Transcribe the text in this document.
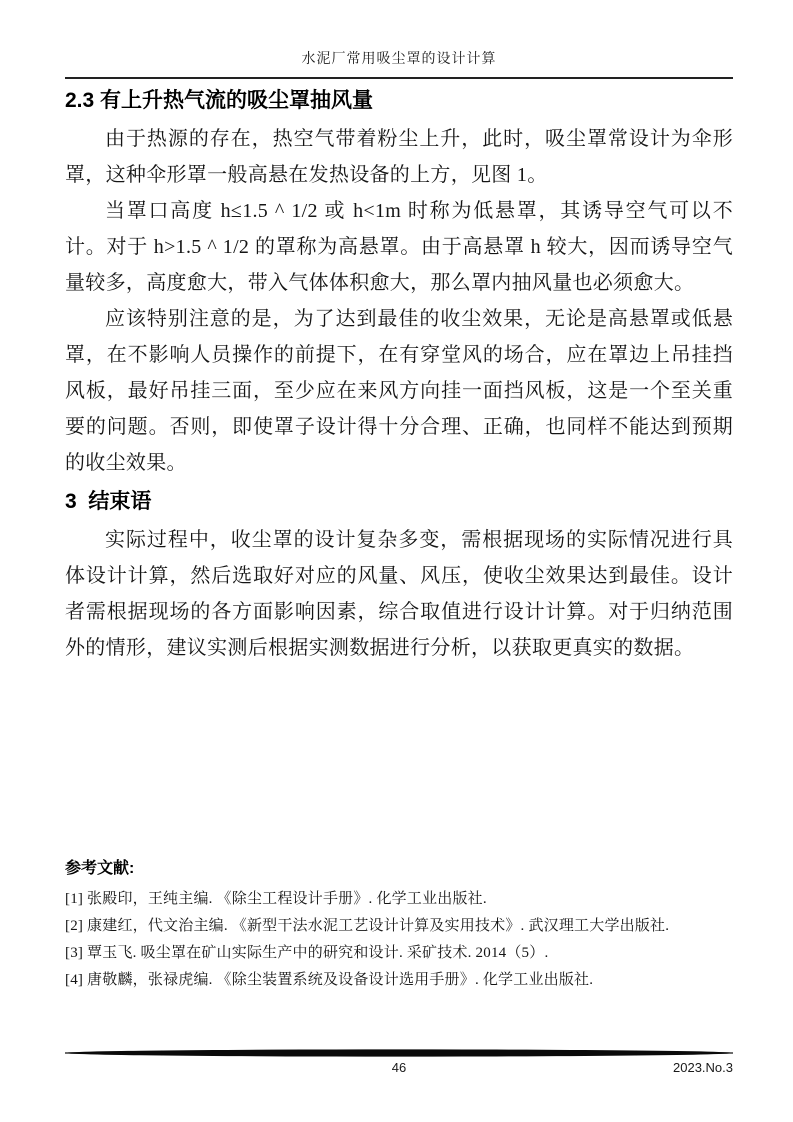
水泥厂常用吸尘罩的设计计算
2.3 有上升热气流的吸尘罩抽风量

由于热源的存在，热空气带着粉尘上升，此时，吸尘罩常设计为伞形罩，这种伞形罩一般高悬在发热设备的上方，见图 1。

当罩口高度 h≤1.5 ^ 1/2 或 h<1m 时称为低悬罩，其诱导空气可以不计。对于 h>1.5 ^ 1/2 的罩称为高悬罩。由于高悬罩 h 较大，因而诱导空气量较多，高度愈大，带入气体体积愈大，那么罩内抽风量也必须愈大。

应该特别注意的是，为了达到最佳的收尘效果，无论是高悬罩或低悬罩，在不影响人员操作的前提下，在有穿堂风的场合，应在罩边上吊挂挡风板，最好吊挂三面，至少应在来风方向挂一面挡风板，这是一个至关重要的问题。否则，即使罩子设计得十分合理、正确，也同样不能达到预期的收尘效果。

3  结束语

实际过程中，收尘罩的设计复杂多变，需根据现场的实际情况进行具体设计计算，然后选取好对应的风量、风压，使收尘效果达到最佳。设计者需根据现场的各方面影响因素，综合取值进行设计计算。对于归纳范围外的情形，建议实测后根据实测数据进行分析，以获取更真实的数据。

参考文献:

[1] 张殿印，王纯主编. 《除尘工程设计手册》. 化学工业出版社.

[2] 康建红，代文治主编. 《新型干法水泥工艺设计计算及实用技术》. 武汉理工大学出版社.

[3] 覃玉飞. 吸尘罩在矿山实际生产中的研究和设计. 采矿技术. 2014（5）.

[4] 唐敬麟，张禄虎编. 《除尘装置系统及设备设计选用手册》. 化学工业出版社.

46	2023.No.3
